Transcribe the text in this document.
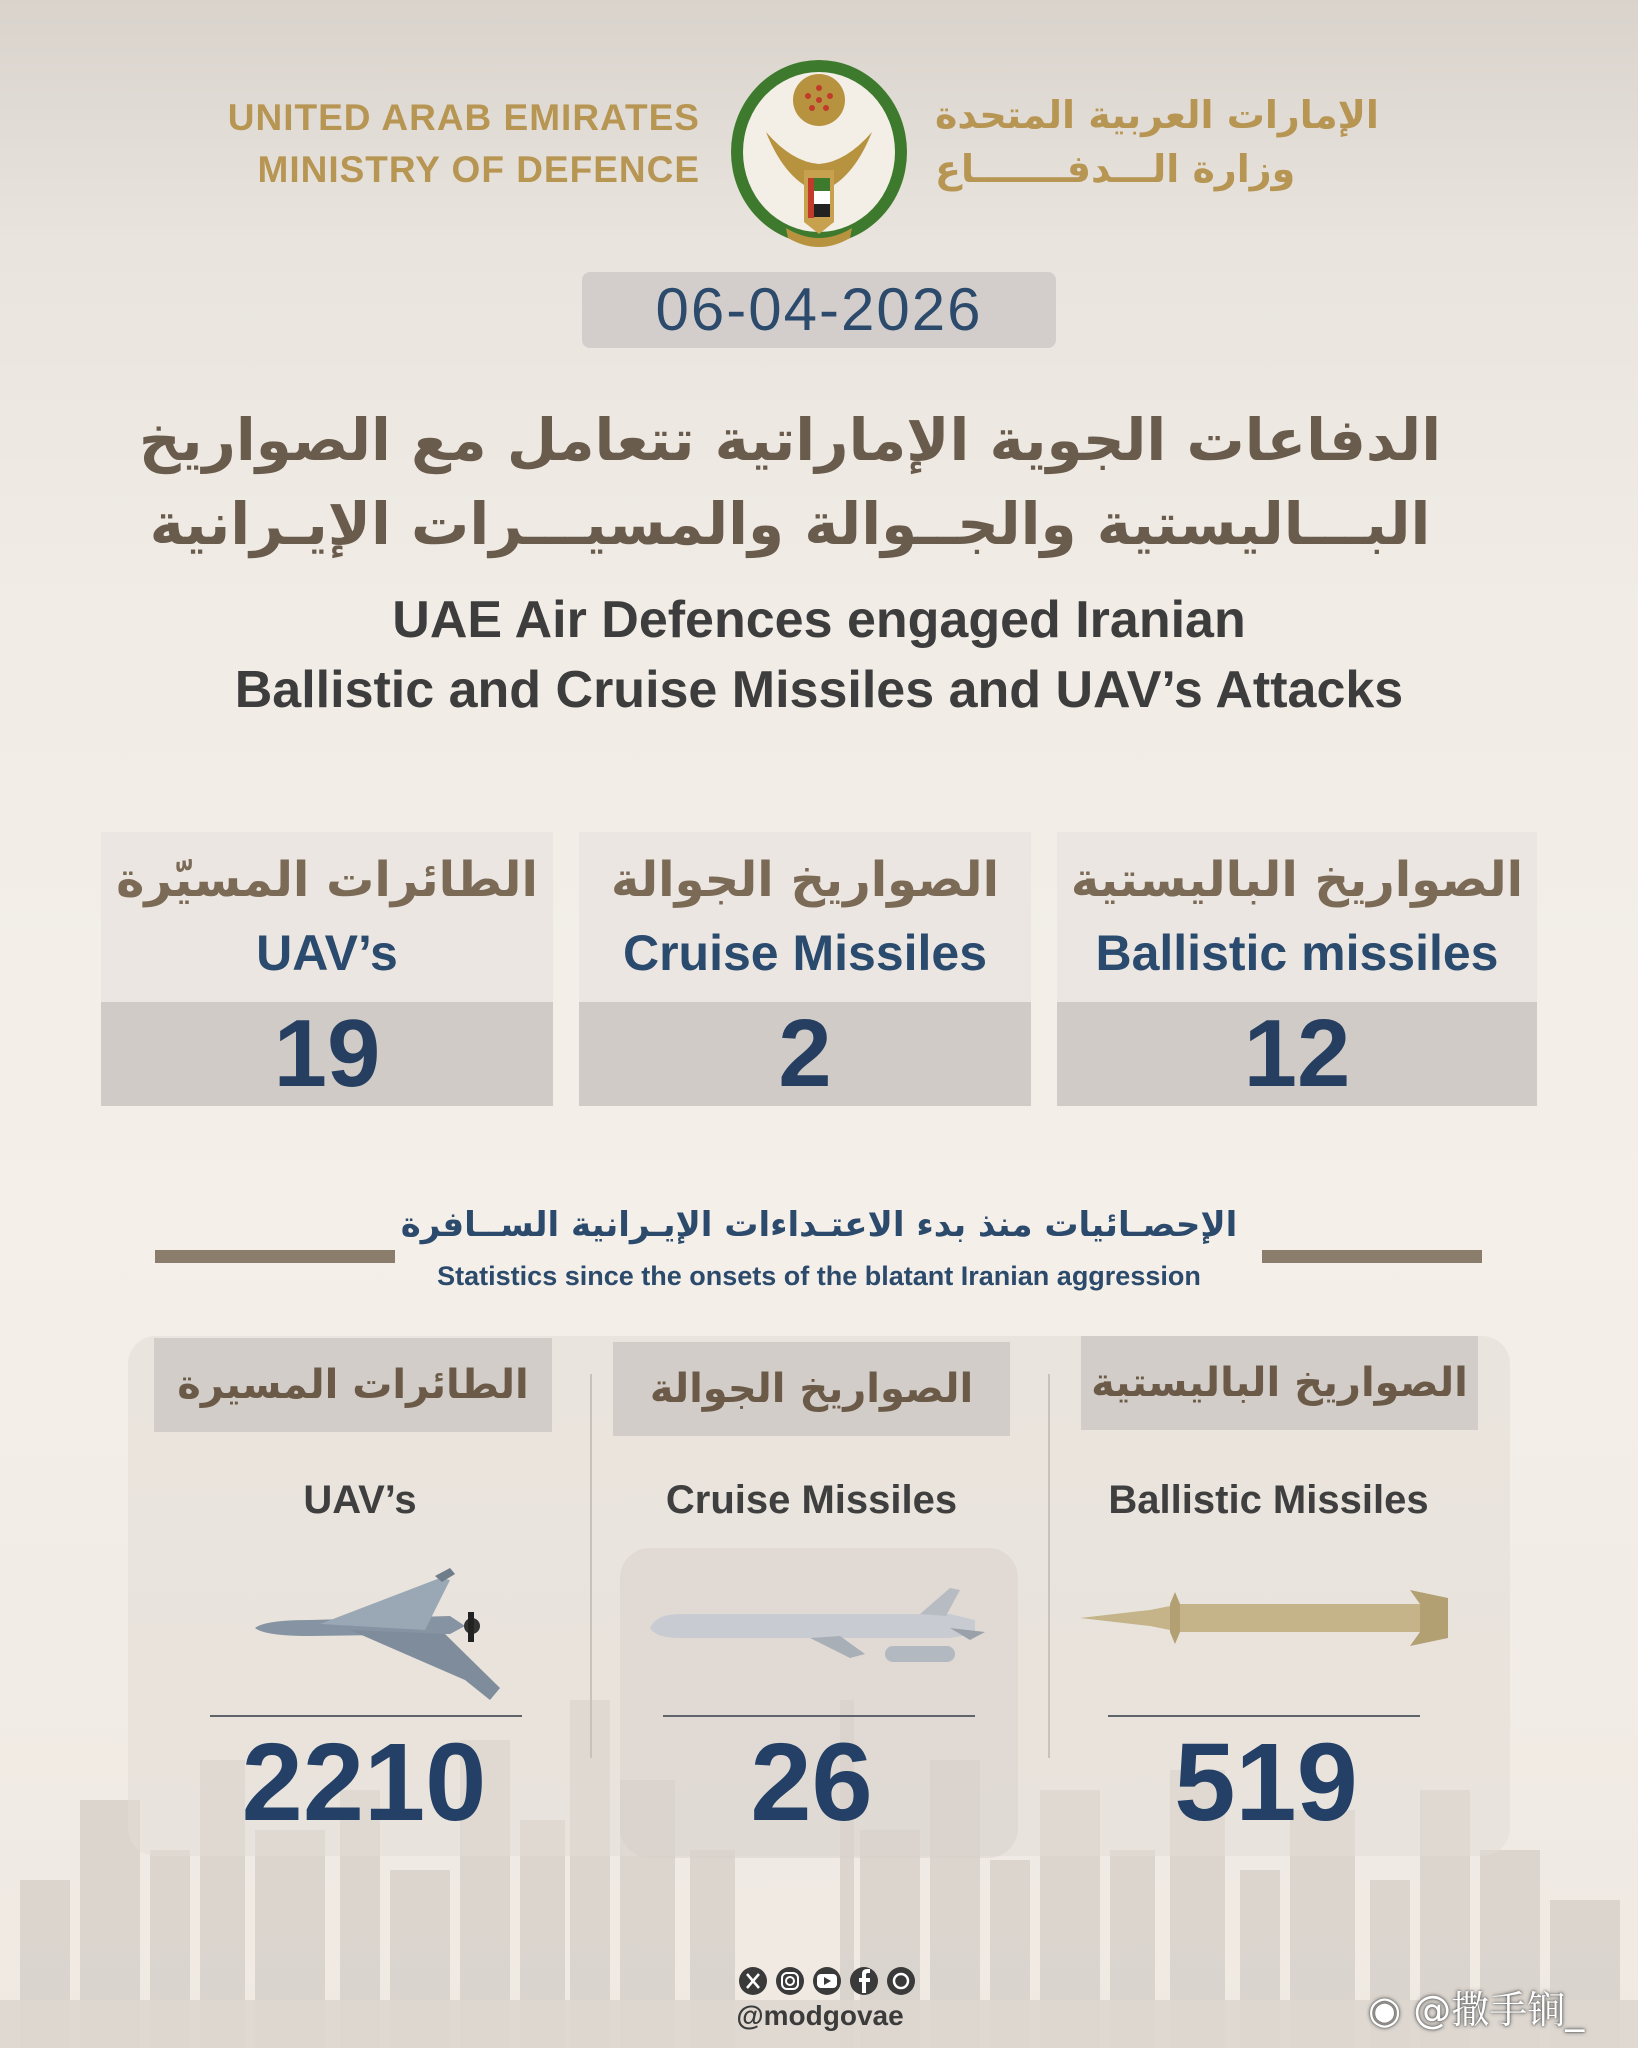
UNITED ARAB EMIRATES
MINISTRY OF DEFENCE
الإمارات العربية المتحدة
وزارة الـــدفـــــــاع
06-04-2026
الدفاعات الجوية الإماراتية تتعامل مع الصواريخ
البـــاليستية والجــوالة والمسيـــرات الإيـرانية
UAE Air Defences engaged Iranian
Ballistic and Cruise Missiles and UAV’s Attacks
الطائرات المسيّرة
UAV’s
19
الصواريخ الجوالة
Cruise Missiles
2
الصواريخ الباليستية
Ballistic missiles
12
الإحصـائيات منذ بدء الاعتـداءات الإيـرانية الســافرة
Statistics since the onsets of the blatant Iranian aggression
الطائرات المسيرة
UAV’s
2210
الصواريخ الجوالة
Cruise Missiles
26
الصواريخ الباليستية
Ballistic Missiles
519
@modgovae	◉ @撒手锏_
